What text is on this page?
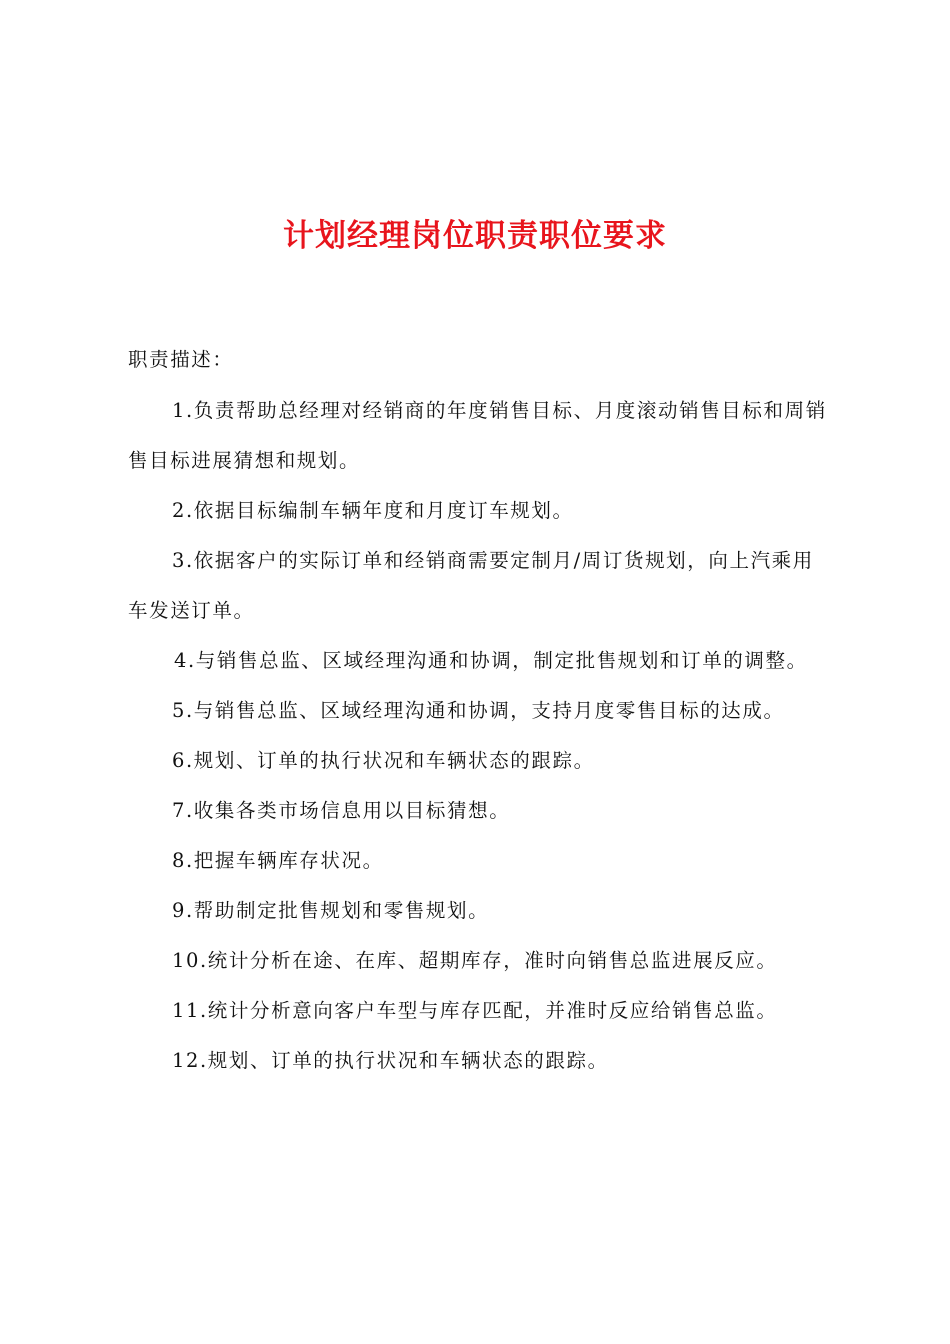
计划经理岗位职责职位要求

职责描述：

1.负责帮助总经理对经销商的年度销售目标、月度滚动销售目标和周销售目标进展猜想和规划。

2.依据目标编制车辆年度和月度订车规划。

3.依据客户的实际订单和经销商需要定制月/周订货规划，向上汽乘用车发送订单。

4.与销售总监、区域经理沟通和协调，制定批售规划和订单的调整。

5.与销售总监、区域经理沟通和协调，支持月度零售目标的达成。

6.规划、订单的执行状况和车辆状态的跟踪。

7.收集各类市场信息用以目标猜想。

8.把握车辆库存状况。

9.帮助制定批售规划和零售规划。

10.统计分析在途、在库、超期库存，准时向销售总监进展反应。

11.统计分析意向客户车型与库存匹配，并准时反应给销售总监。

12.规划、订单的执行状况和车辆状态的跟踪。
